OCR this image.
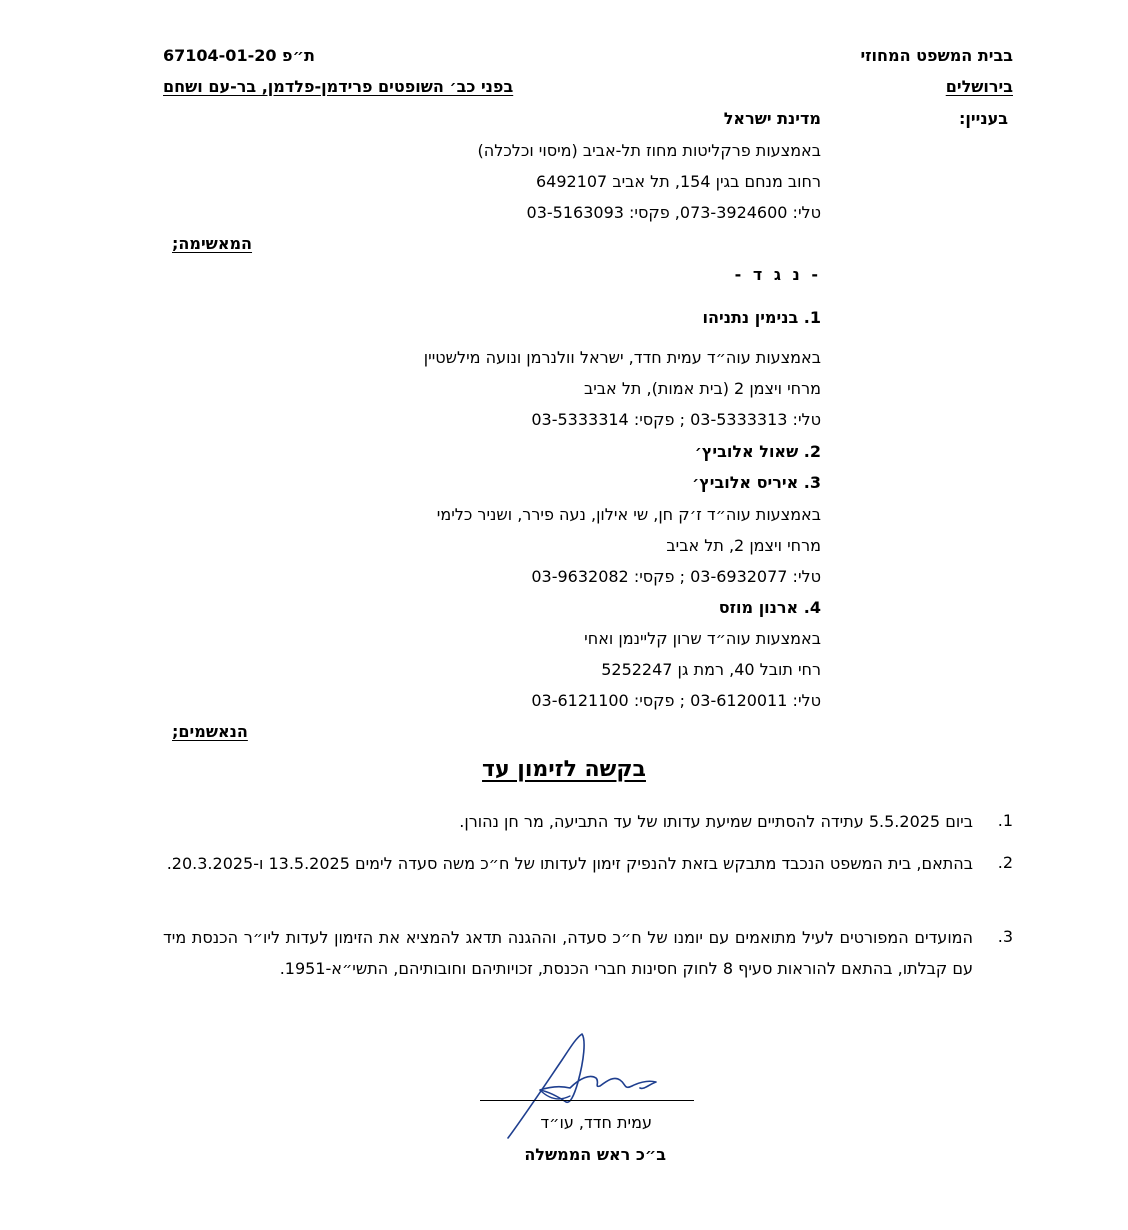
בבית המשפט המחוזי
ת״פ 67104-01-20
בירושלים
בפני כב׳ השופטים פרידמן-פלדמן, בר-עם ושחם
בעניין:
מדינת ישראל
באמצעות פרקליטות מחוז תל-אביב (מיסוי וכלכלה)
רחוב מנחם בגין 154, תל אביב 6492107
טלי: 073-3924600, פקסי: 03-5163093
המאשימה;
- נ ג ד -
1. בנימין נתניהו
באמצעות עוה״ד עמית חדד, ישראל וולנרמן ונועה מילשטיין
מרחי ויצמן 2 (בית אמות), תל אביב
טלי: 03-5333313 ; פקסי: 03-5333314
2. שאול אלוביץ׳
3. איריס אלוביץ׳
באמצעות עוה״ד ז׳ק חן, שי אילון, נעה פירר, ושניר כלימי
מרחי ויצמן 2, תל אביב
טלי: 03-6932077 ; פקסי: 03-9632082
4. ארנון מוזס
באמצעות עוה״ד שרון קליינמן ואחי
רחי תובל 40, רמת גן 5252247
טלי: 03-6120011 ; פקסי: 03-6121100
הנאשמים;
בקשה לזימון עד
1.
ביום 5.5.2025 עתידה להסתיים שמיעת עדותו של עד התביעה, מר חן נהורן.
2.
בהתאם, בית המשפט הנכבד מתבקש בזאת להנפיק זימון לעדותו של ח״כ משה סעדה לימים 13.5.2025 ו-20.3.2025.
3.
המועדים המפורטים לעיל מתואמים עם יומנו של ח״כ סעדה, וההגנה תדאג להמציא את הזימון לעדות ליו״ר הכנסת מיד עם קבלתו, בהתאם להוראות סעיף 8 לחוק חסינות חברי הכנסת, זכויותיהם וחובותיהם, התשי״א-1951.
עמית חדד, עו״ד
ב״כ ראש הממשלה
